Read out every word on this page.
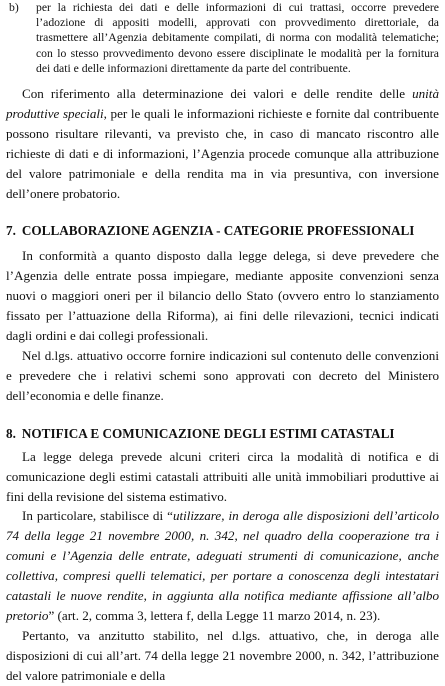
b) per la richiesta dei dati e delle informazioni di cui trattasi, occorre prevedere l’adozione di appositi modelli, approvati con provvedimento direttoriale, da trasmettere all’Agenzia debitamente compilati, di norma con modalità telematiche; con lo stesso provvedimento devono essere disciplinate le modalità per la fornitura dei dati e delle informazioni direttamente da parte del contribuente.

Con riferimento alla determinazione dei valori e delle rendite delle unità produttive speciali, per le quali le informazioni richieste e fornite dal contribuente possono risultare rilevanti, va previsto che, in caso di mancato riscontro alle richieste di dati e di informazioni, l’Agenzia procede comunque alla attribuzione del valore patrimoniale e della rendita ma in via presuntiva, con inversione dell’onere probatorio.

7. COLLABORAZIONE AGENZIA - CATEGORIE PROFESSIONALI

In conformità a quanto disposto dalla legge delega, si deve prevedere che l’Agenzia delle entrate possa impiegare, mediante apposite convenzioni senza nuovi o maggiori oneri per il bilancio dello Stato (ovvero entro lo stanziamento fissato per l’attuazione della Riforma), ai fini delle rilevazioni, tecnici indicati dagli ordini e dai collegi professionali.

Nel d.lgs. attuativo occorre fornire indicazioni sul contenuto delle convenzioni e prevedere che i relativi schemi sono approvati con decreto del Ministero dell’economia e delle finanze.

8. NOTIFICA E COMUNICAZIONE DEGLI ESTIMI CATASTALI

La legge delega prevede alcuni criteri circa la modalità di notifica e di comunicazione degli estimi catastali attribuiti alle unità immobiliari produttive ai fini della revisione del sistema estimativo.

In particolare, stabilisce di “utilizzare, in deroga alle disposizioni dell’articolo 74 della legge 21 novembre 2000, n. 342, nel quadro della cooperazione tra i comuni e l’Agenzia delle entrate, adeguati strumenti di comunicazione, anche collettiva, compresi quelli telematici, per portare a conoscenza degli intestatari catastali le nuove rendite, in aggiunta alla notifica mediante affissione all’albo pretorio” (art. 2, comma 3, lettera f, della Legge 11 marzo 2014, n. 23).

Pertanto, va anzitutto stabilito, nel d.lgs. attuativo, che, in deroga alle disposizioni di cui all’art. 74 della legge 21 novembre 2000, n. 342, l’attribuzione del valore patrimoniale e della
